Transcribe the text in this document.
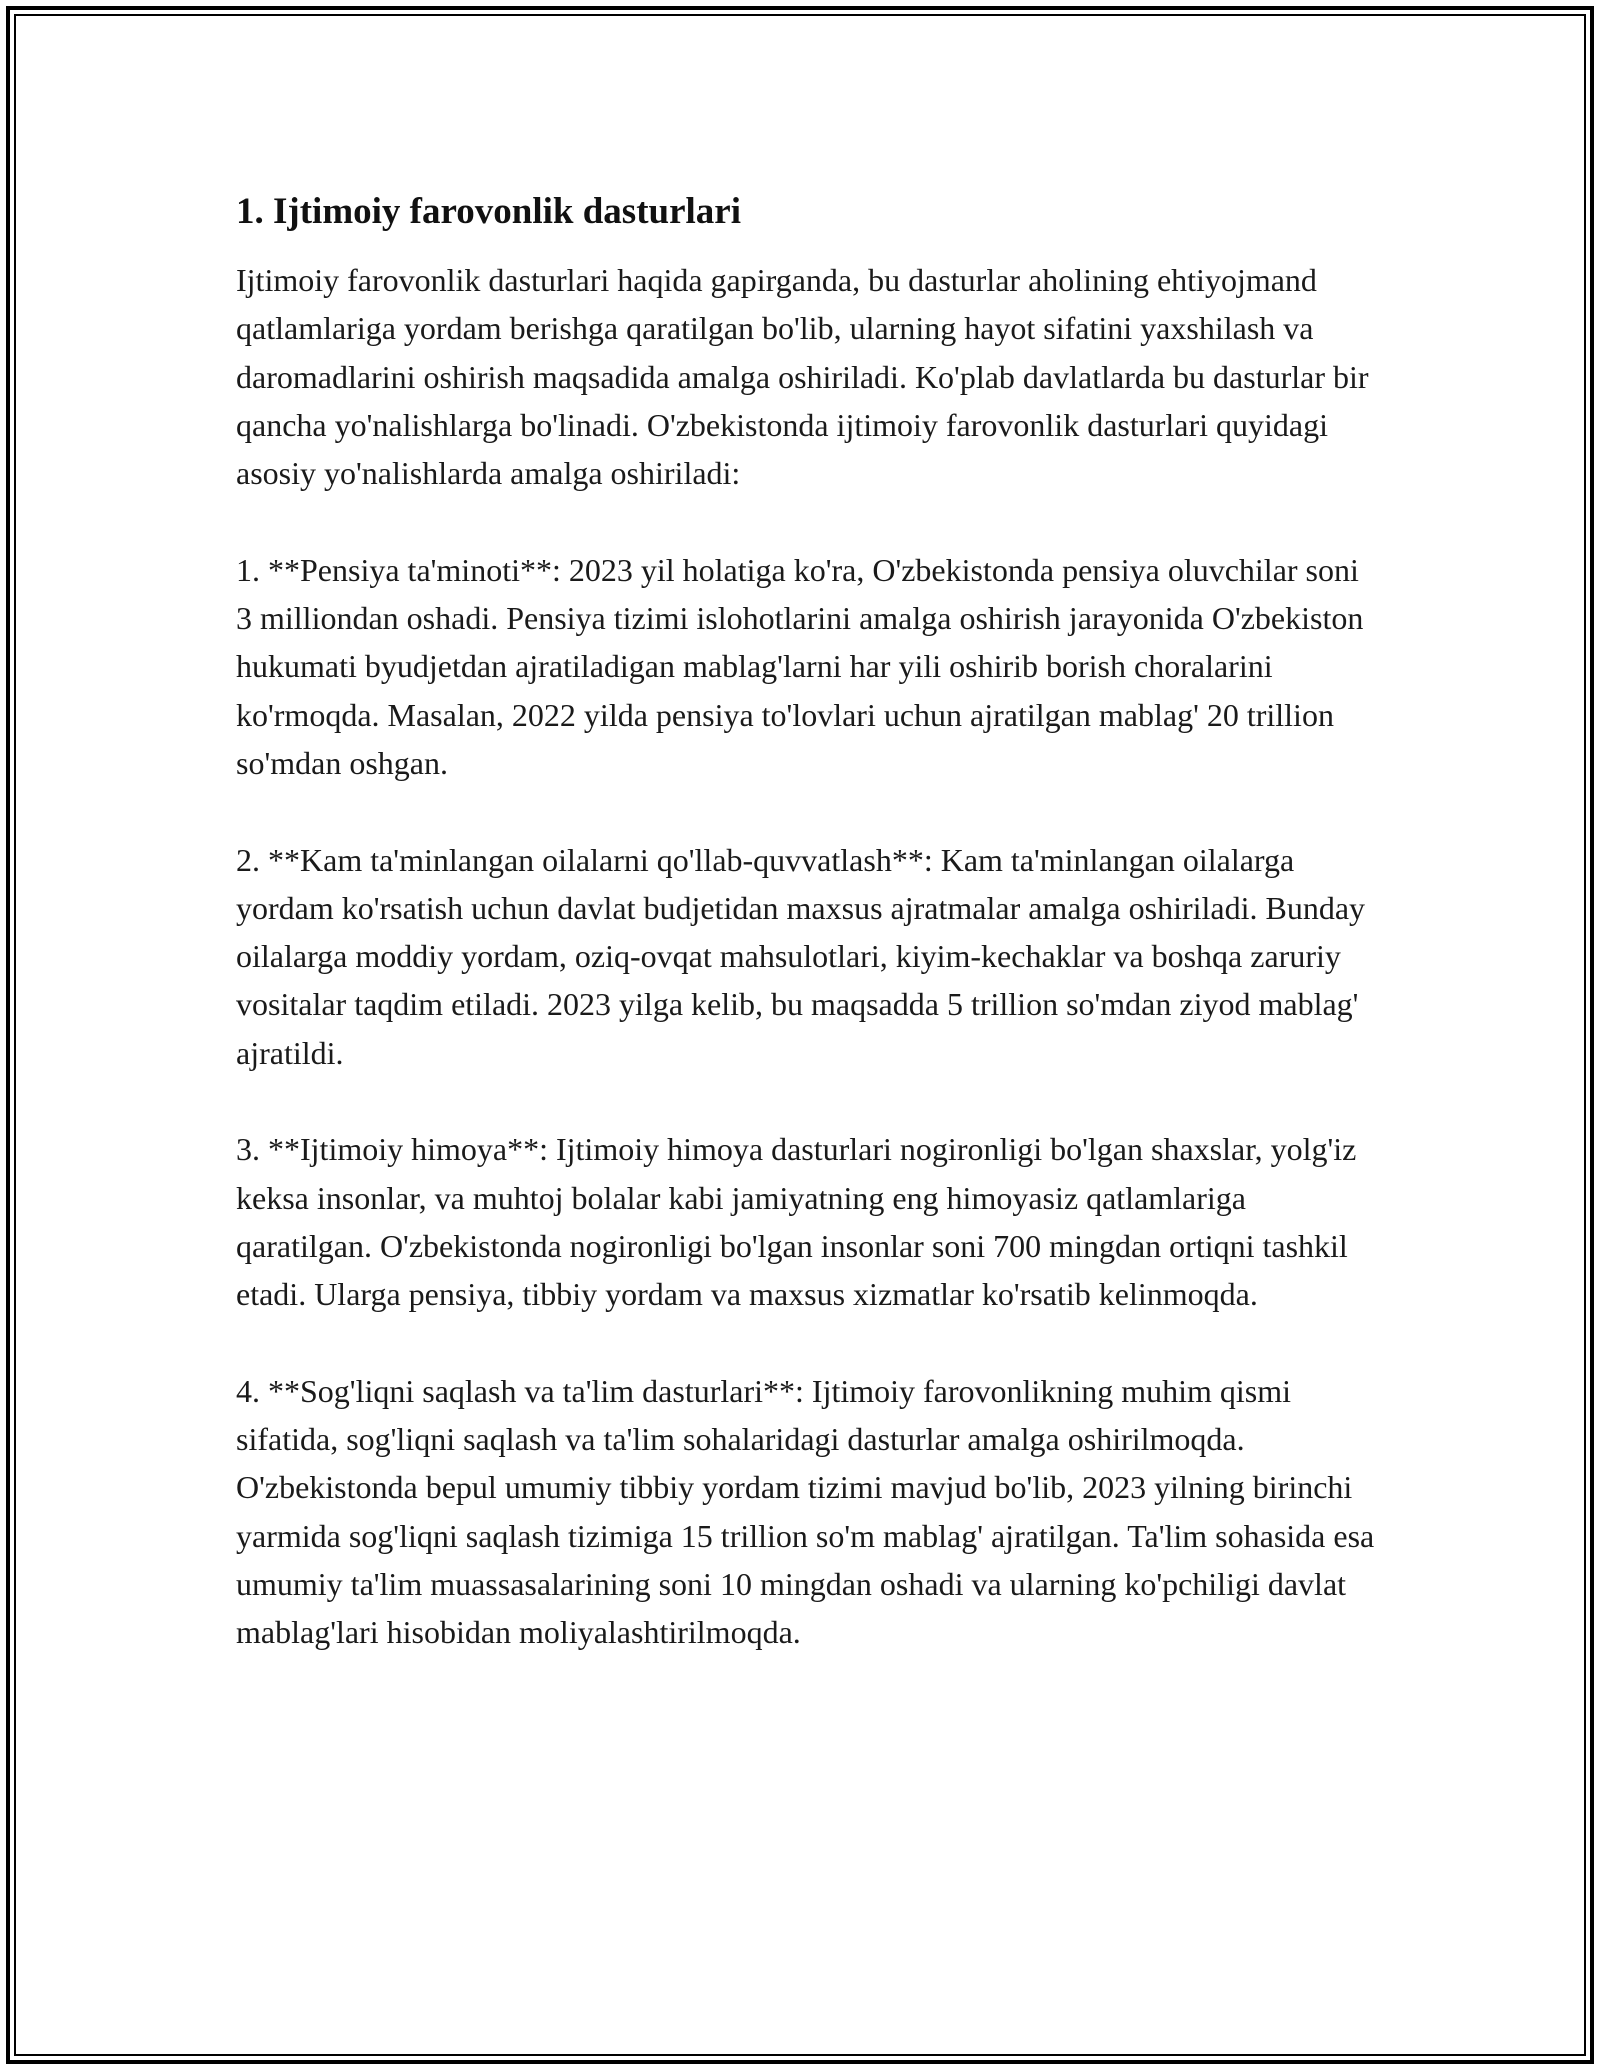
1. Ijtimoiy farovonlik dasturlari

Ijtimoiy farovonlik dasturlari haqida gapirganda, bu dasturlar aholining ehtiyojmand qatlamlariga yordam berishga qaratilgan bo'lib, ularning hayot sifatini yaxshilash va daromadlarini oshirish maqsadida amalga oshiriladi. Ko'plab davlatlarda bu dasturlar bir qancha yo'nalishlarga bo'linadi. O'zbekistonda ijtimoiy farovonlik dasturlari quyidagi asosiy yo'nalishlarda amalga oshiriladi:

1. **Pensiya ta'minoti**: 2023 yil holatiga ko'ra, O'zbekistonda pensiya oluvchilar soni 3 milliondan oshadi. Pensiya tizimi islohotlarini amalga oshirish jarayonida O'zbekiston hukumati byudjetdan ajratiladigan mablag'larni har yili oshirib borish choralarini ko'rmoqda. Masalan, 2022 yilda pensiya to'lovlari uchun ajratilgan mablag' 20 trillion so'mdan oshgan.

2. **Kam ta'minlangan oilalarni qo'llab-quvvatlash**: Kam ta'minlangan oilalarga yordam ko'rsatish uchun davlat budjetidan maxsus ajratmalar amalga oshiriladi. Bunday oilalarga moddiy yordam, oziq-ovqat mahsulotlari, kiyim-kechaklar va boshqa zaruriy vositalar taqdim etiladi. 2023 yilga kelib, bu maqsadda 5 trillion so'mdan ziyod mablag' ajratildi.

3. **Ijtimoiy himoya**: Ijtimoiy himoya dasturlari nogironligi bo'lgan shaxslar, yolg'iz keksa insonlar, va muhtoj bolalar kabi jamiyatning eng himoyasiz qatlamlariga qaratilgan. O'zbekistonda nogironligi bo'lgan insonlar soni 700 mingdan ortiqni tashkil etadi. Ularga pensiya, tibbiy yordam va maxsus xizmatlar ko'rsatib kelinmoqda.

4. **Sog'liqni saqlash va ta'lim dasturlari**: Ijtimoiy farovonlikning muhim qismi sifatida, sog'liqni saqlash va ta'lim sohalaridagi dasturlar amalga oshirilmoqda. O'zbekistonda bepul umumiy tibbiy yordam tizimi mavjud bo'lib, 2023 yilning birinchi yarmida sog'liqni saqlash tizimiga 15 trillion so'm mablag' ajratilgan. Ta'lim sohasida esa umumiy ta'lim muassasalarining soni 10 mingdan oshadi va ularning ko'pchiligi davlat mablag'lari hisobidan moliyalashtirilmoqda.
